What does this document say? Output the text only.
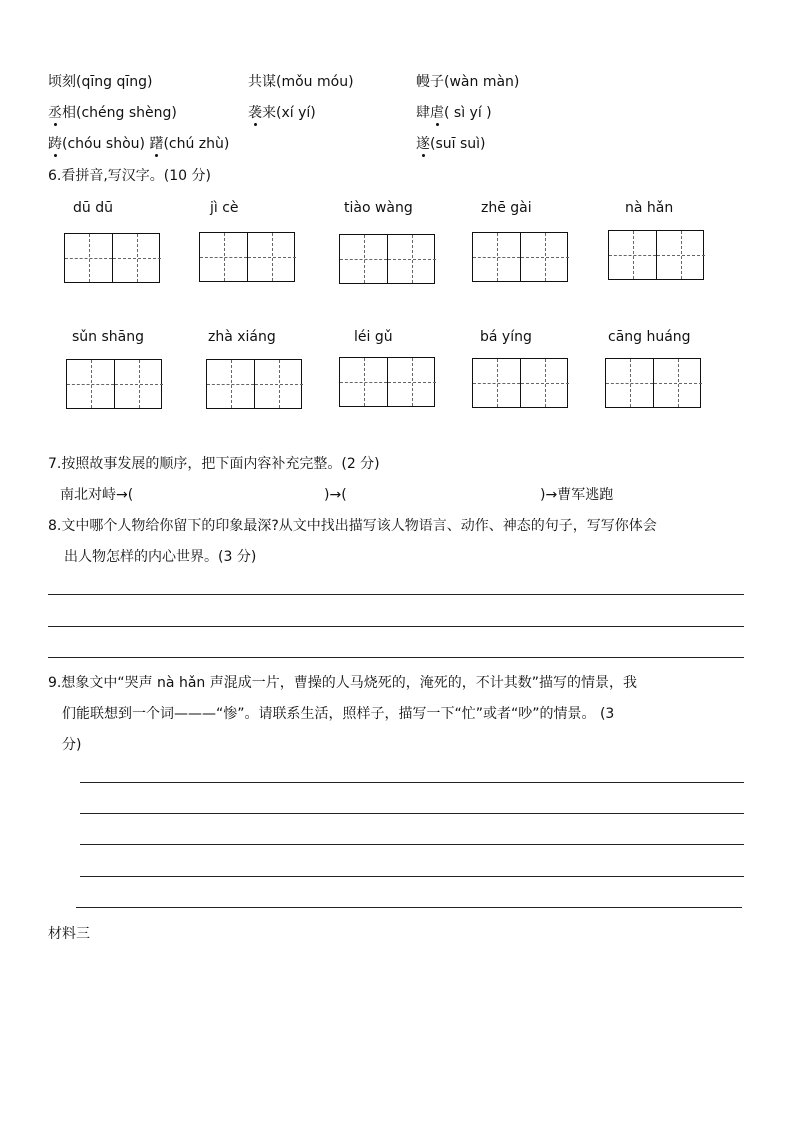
顷刻(qīng qīng)	共谋(mǒu móu)	幔子(wàn màn)
丞相(chéng shèng)	袭来(xí yí)	肆虐( sì yí )
踌(chóu shòu) 躇(chú zhù)	遂(suī suì)
6.看拼音,写汉字。(10 分)
dū dū	jì cè	tiào wàng	zhē gài	nà hǎn
sǔn shāng	zhà xiáng	léi gǔ	bá yíng	cāng huáng
7.按照故事发展的顺序，把下面内容补充完整。(2 分)
南北对峙→(	)→(	)→曹军逃跑
8.文中哪个人物给你留下的印象最深?从文中找出描写该人物语言、动作、神态的句子，写写你体会
出人物怎样的内心世界。(3 分)
9.想象文中“哭声 nà hǎn 声混成一片，曹操的人马烧死的，淹死的，不计其数”描写的情景，我
们能联想到一个词———“惨”。请联系生活，照样子，描写一下“忙”或者“吵”的情景。 (3
分)
材料三
